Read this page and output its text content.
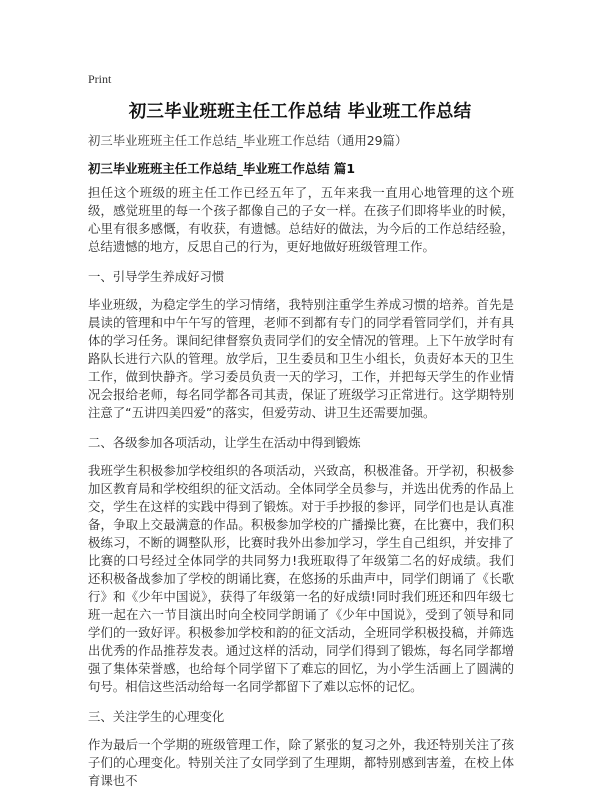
Print
初三毕业班班主任工作总结 毕业班工作总结

初三毕业班班主任工作总结_毕业班工作总结（通用29篇）

初三毕业班班主任工作总结_毕业班工作总结 篇1

担任这个班级的班主任工作已经五年了，五年来我一直用心地管理的这个班级，感觉班里的每一个孩子都像自己的子女一样。在孩子们即将毕业的时候，心里有很多感慨，有收获，有遗憾。总结好的做法，为今后的工作总结经验，总结遗憾的地方，反思自己的行为，更好地做好班级管理工作。

一、引导学生养成好习惯

毕业班级，为稳定学生的学习情绪，我特别注重学生养成习惯的培养。首先是晨读的管理和中午午写的管理，老师不到都有专门的同学看管同学们，并有具体的学习任务。课间纪律督察负责同学们的安全情况的管理。上下午放学时有路队长进行六队的管理。放学后，卫生委员和卫生小组长，负责好本天的卫生工作，做到快静齐。学习委员负责一天的学习，工作，并把每天学生的作业情况会报给老师，每名同学都各司其责，保证了班级学习正常进行。这学期特别注意了“五讲四美四爱”的落实，但爱劳动、讲卫生还需要加强。

二、各级参加各项活动，让学生在活动中得到锻炼

我班学生积极参加学校组织的各项活动，兴致高，积极准备。开学初，积极参加区教育局和学校组织的征文活动。全体同学全员参与，并选出优秀的作品上交，学生在这样的实践中得到了锻炼。对于手抄报的参评，同学们也是认真准备，争取上交最满意的作品。积极参加学校的广播操比赛，在比赛中，我们积极练习，不断的调整队形，比赛时我外出参加学习，学生自己组织，并安排了比赛的口号经过全体同学的共同努力!我班取得了年级第二名的好成绩。我们还积极备战参加了学校的朗诵比赛，在悠扬的乐曲声中，同学们朗诵了《长歌行》和《少年中国说》，获得了年级第一名的好成绩!同时我们班还和四年级七班一起在六一节目演出时向全校同学朗诵了《少年中国说》，受到了领导和同学们的一致好评。积极参加学校和韵的征文活动，全班同学积极投稿，并筛选出优秀的作品推荐发表。通过这样的活动，同学们得到了锻炼，每名同学都增强了集体荣誉感，也给每个同学留下了难忘的回忆，为小学生活画上了圆满的句号。相信这些活动给每一名同学都留下了难以忘怀的记忆。

三、关注学生的心理变化

作为最后一个学期的班级管理工作，除了紧张的复习之外，我还特别关注了孩子们的心理变化。特别关注了女同学到了生理期，都特别感到害羞，在校上体育课也不
